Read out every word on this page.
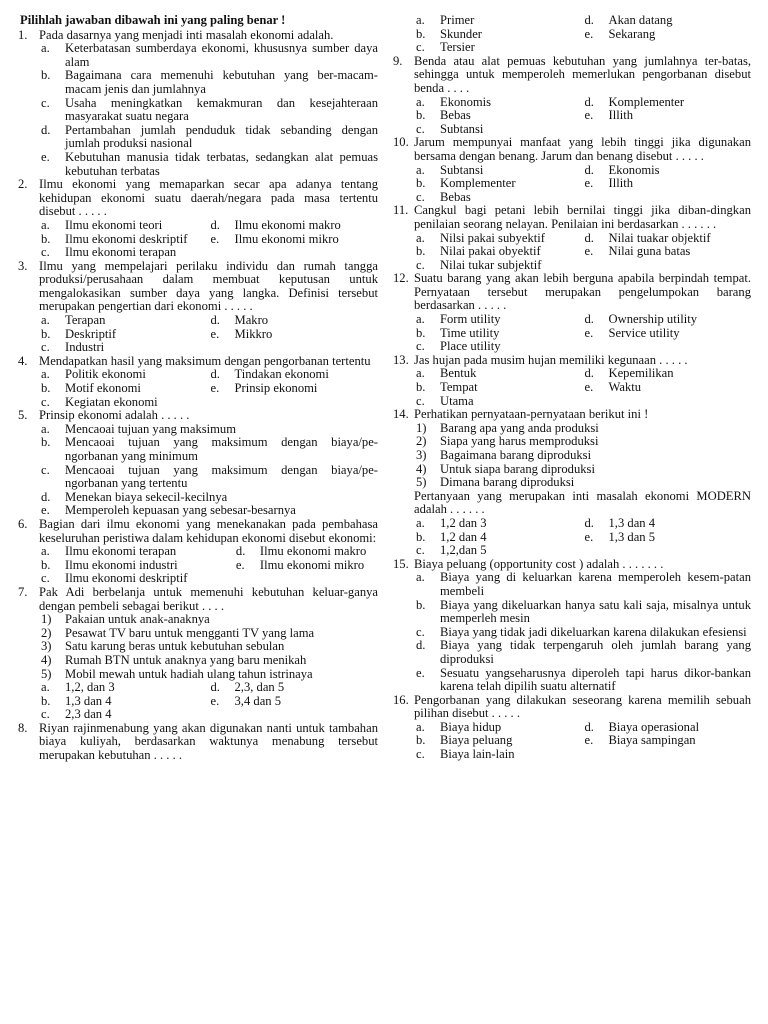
Pilihlah jawaban dibawah ini yang paling benar !
1. Pada dasarnya yang menjadi inti masalah ekonomi adalah.
a.	Keterbatasan sumberdaya ekonomi, khususnya sumber daya alam
b.	Bagaimana cara memenuhi kebutuhan yang ber-macam-macam jenis dan jumlahnya
c.	Usaha meningkatkan kemakmuran dan kesejahteraan masyarakat suatu negara
d.	Pertambahan jumlah penduduk tidak sebanding dengan jumlah produksi nasional
e.	Kebutuhan manusia tidak terbatas, sedangkan alat pemuas kebutuhan terbatas
2. Ilmu ekonomi yang memaparkan secar apa adanya tentang kehidupan ekonomi suatu daerah/negara pada masa tertentu disebut . . . . .
a.	Ilmu ekonomi teori	d.	Ilmu ekonomi makro
b.	Ilmu ekonomi deskriptif	e.	Ilmu ekonomi mikro
c.	Ilmu ekonomi terapan
3. Ilmu yang mempelajari perilaku individu dan rumah tangga produksi/perusahaan dalam membuat keputusan untuk mengalokasikan sumber daya yang langka. Definisi tersebut merupakan pengertian dari ekonomi . . . . .
a.	Terapan	d.	Makro
b.	Deskriptif	e.	Mikkro
c.	Industri
4. Mendapatkan hasil yang maksimum dengan pengorbanan tertentu
a.	Politik ekonomi	d.	Tindakan ekonomi
b.	Motif ekonomi	e.	Prinsip ekonomi
c.	Kegiatan ekonomi
5. Prinsip ekonomi adalah . . . . .
a.	Mencaoai tujuan yang maksimum
b.	Mencaoai tujuan yang maksimum dengan biaya/pe-ngorbanan yang minimum
c.	Mencaoai tujuan yang maksimum dengan biaya/pe-ngorbanan yang tertentu
d.	Menekan biaya sekecil-kecilnya
e.	Memperoleh kepuasan yang sebesar-besarnya
6. Bagian dari ilmu ekonomi yang menekanakan pada pembahasa keseluruhan peristiwa dalam kehidupan ekonomi disebut ekonomi:
a.	Ilmu ekonomi terapan	d.	Ilmu ekonomi makro
b.	Ilmu ekonomi industri	e.	Ilmu ekonomi mikro
c.	Ilmu ekonomi deskriptif
7. Pak Adi berbelanja untuk memenuhi kebutuhan keluar-ganya dengan pembeli sebagai berikut . . . .
1)	Pakaian untuk anak-anaknya
2)	Pesawat TV baru untuk mengganti TV yang lama
3)	Satu karung beras untuk kebutuhan sebulan
4)	Rumah BTN untuk anaknya yang baru menikah
5)	Mobil mewah untuk hadiah ulang tahun istrinaya
a.	1,2, dan 3	d.	2,3, dan 5
b.	1,3 dan 4	e.	3,4 dan 5
c.	2,3 dan 4
8. Riyan rajinmenabung yang akan digunakan nanti untuk tambahan biaya kuliyah, berdasarkan waktunya menabung tersebut merupakan kebutuhan . . . . .
a.	Primer	d.	Akan datang
b.	Skunder	e.	Sekarang
c.	Tersier
9. Benda atau alat pemuas kebutuhan yang jumlahnya ter-batas, sehingga untuk memperoleh memerlukan pengorbanan disebut benda . . . .
a.	Ekonomis	d.	Komplementer
b.	Bebas	e.	Illith
c.	Subtansi
10. Jarum mempunyai manfaat yang lebih tinggi jika digunakan bersama dengan benang. Jarum dan benang disebut . . . . .
a.	Subtansi	d.	Ekonomis
b.	Komplementer	e.	Illith
c.	Bebas
11. Cangkul bagi petani lebih bernilai tinggi jika diban-dingkan penilaian seorang nelayan. Penilaian ini berdasarkan . . . . . .
a.	Nilsi pakai subyektif	d.	Nilai tuakar objektif
b.	Nilai pakai obyektif	e.	Nilai guna batas
c.	Nilai tukar subjektif
12. Suatu barang yang akan lebih berguna apabila berpindah tempat. Pernyataan tersebut merupakan pengelumpokan barang berdasarkan . . . . .
a.	Form utility	d.	Ownership utility
b.	Time utility	e.	Service utility
c.	Place utility
13. Jas hujan pada musim hujan memiliki kegunaan . . . . .
a.	Bentuk	d.	Kepemilikan
b.	Tempat	e.	Waktu
c.	Utama
14. Perhatikan pernyataan-pernyataan berikut ini !
1)	Barang apa yang anda produksi
2)	Siapa yang harus memproduksi
3)	Bagaimana barang diproduksi
4)	Untuk siapa barang diproduksi
5)	Dimana barang diproduksi
Pertanyaan yang merupakan inti masalah ekonomi MODERN adalah . . . . . .
a.	1,2 dan 3	d.	1,3 dan 4
b.	1,2 dan 4	e.	1,3 dan 5
c.	1,2,dan 5
15. Biaya peluang (opportunity cost ) adalah . . . . . . .
a.	Biaya yang di keluarkan karena memperoleh kesem-patan membeli
b.	Biaya yang dikeluarkan hanya satu kali saja, misalnya untuk memperleh mesin
c.	Biaya yang tidak jadi dikeluarkan karena dilakukan efesiensi
d.	Biaya yang tidak terpengaruh oleh jumlah barang yang diproduksi
e.	Sesuatu yangseharusnya diperoleh tapi harus dikor-bankan karena telah dipilih suatu alternatif
16. Pengorbanan yang dilakukan seseorang karena memilih sebuah pilihan disebut . . . . .
a.	Biaya hidup	d.	Biaya operasional
b.	Biaya peluang	e.	Biaya sampingan
c.	Biaya lain-lain
